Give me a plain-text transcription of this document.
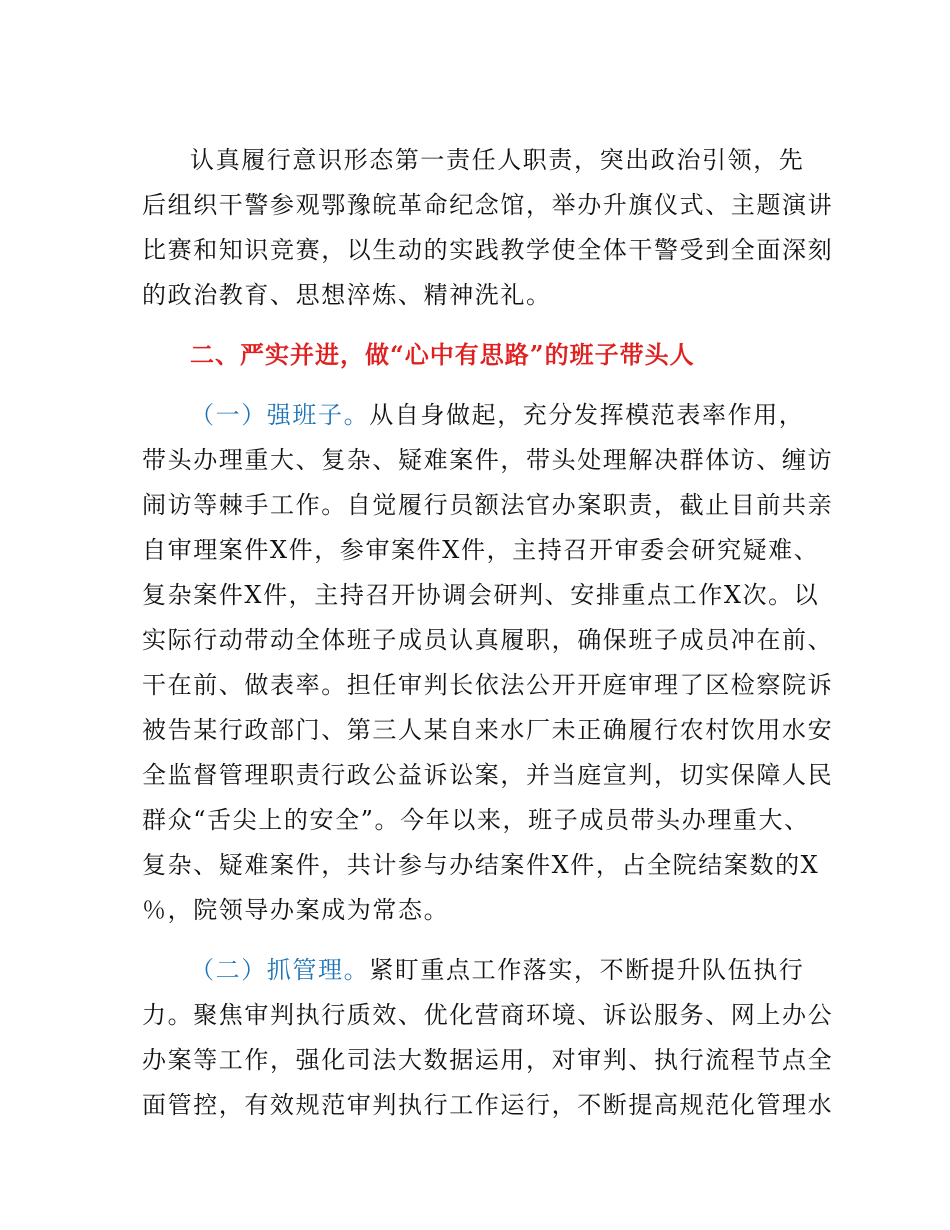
认真履行意识形态第一责任人职责，突出政治引领，先
后组织干警参观鄂豫皖革命纪念馆，举办升旗仪式、主题演讲
比赛和知识竞赛，以生动的实践教学使全体干警受到全面深刻
的政治教育、思想淬炼、精神洗礼。
二、严实并进，做“心中有思路”的班子带头人
（一）强班子。从自身做起，充分发挥模范表率作用，
带头办理重大、复杂、疑难案件，带头处理解决群体访、缠访
闹访等棘手工作。自觉履行员额法官办案职责，截止目前共亲
自审理案件X件，参审案件X件，主持召开审委会研究疑难、
复杂案件X件，主持召开协调会研判、安排重点工作X次。以
实际行动带动全体班子成员认真履职，确保班子成员冲在前、
干在前、做表率。担任审判长依法公开开庭审理了区检察院诉
被告某行政部门、第三人某自来水厂未正确履行农村饮用水安
全监督管理职责行政公益诉讼案，并当庭宣判，切实保障人民
群众“舌尖上的安全”。今年以来，班子成员带头办理重大、
复杂、疑难案件，共计参与办结案件X件，占全院结案数的X
％，院领导办案成为常态。
（二）抓管理。紧盯重点工作落实，不断提升队伍执行
力。聚焦审判执行质效、优化营商环境、诉讼服务、网上办公
办案等工作，强化司法大数据运用，对审判、执行流程节点全
面管控，有效规范审判执行工作运行，不断提高规范化管理水
